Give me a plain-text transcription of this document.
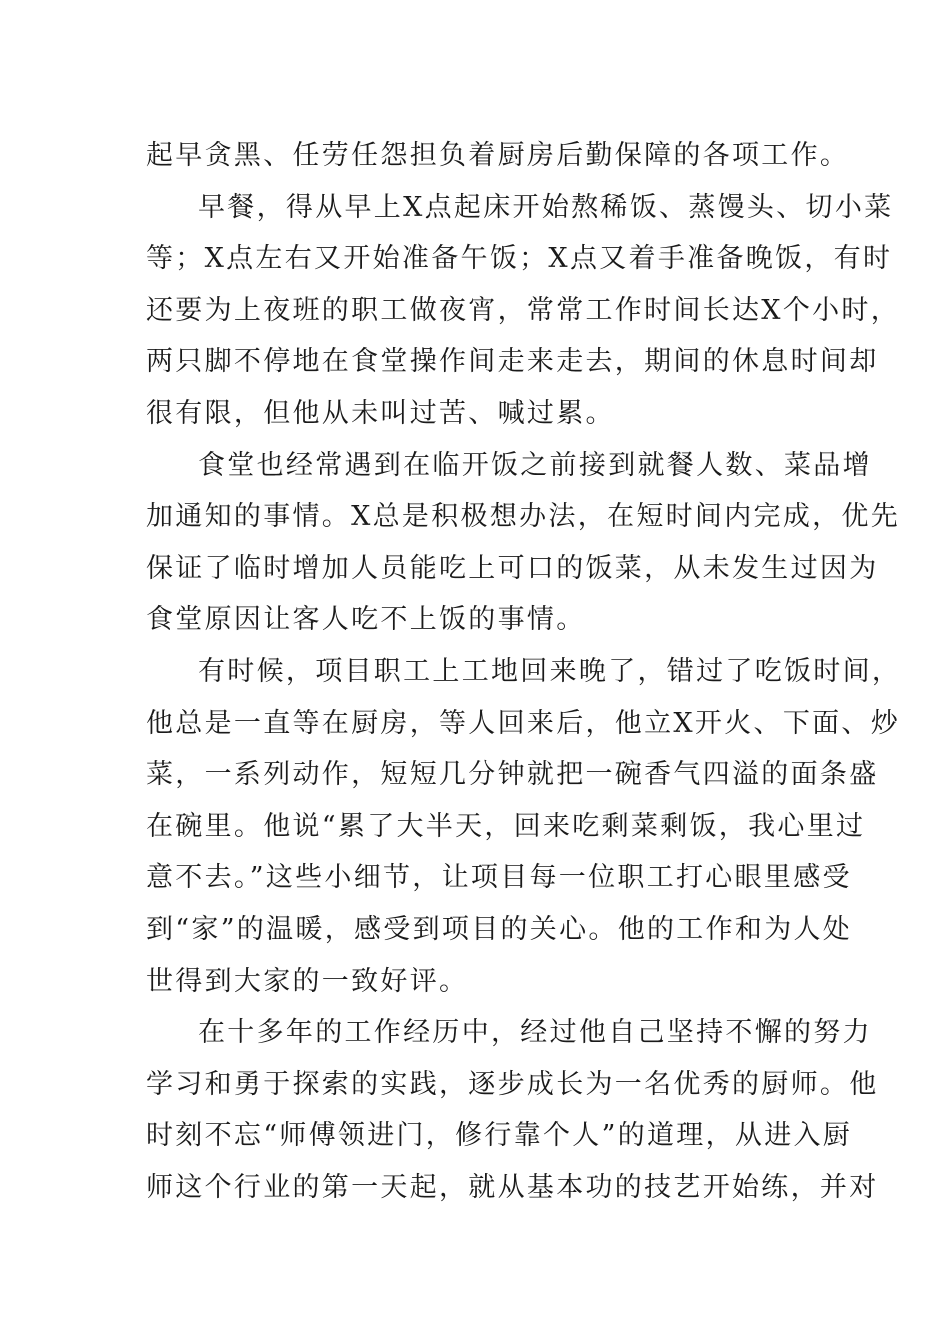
起早贪黑、任劳任怨担负着厨房后勤保障的各项工作。
早餐，得从早上X点起床开始熬稀饭、蒸馒头、切小菜
等；X点左右又开始准备午饭；X点又着手准备晚饭，有时
还要为上夜班的职工做夜宵，常常工作时间长达X个小时，
两只脚不停地在食堂操作间走来走去，期间的休息时间却
很有限，但他从未叫过苦、喊过累。
食堂也经常遇到在临开饭之前接到就餐人数、菜品增
加通知的事情。X总是积极想办法，在短时间内完成，优先
保证了临时增加人员能吃上可口的饭菜，从未发生过因为
食堂原因让客人吃不上饭的事情。
有时候，项目职工上工地回来晚了，错过了吃饭时间，
他总是一直等在厨房，等人回来后，他立X开火、下面、炒
菜，一系列动作，短短几分钟就把一碗香气四溢的面条盛
在碗里。他说“累了大半天，回来吃剩菜剩饭，我心里过
意不去。”这些小细节，让项目每一位职工打心眼里感受
到“家”的温暖，感受到项目的关心。他的工作和为人处
世得到大家的一致好评。
在十多年的工作经历中，经过他自己坚持不懈的努力
学习和勇于探索的实践，逐步成长为一名优秀的厨师。他
时刻不忘“师傅领进门，修行靠个人”的道理，从进入厨
师这个行业的第一天起，就从基本功的技艺开始练，并对
